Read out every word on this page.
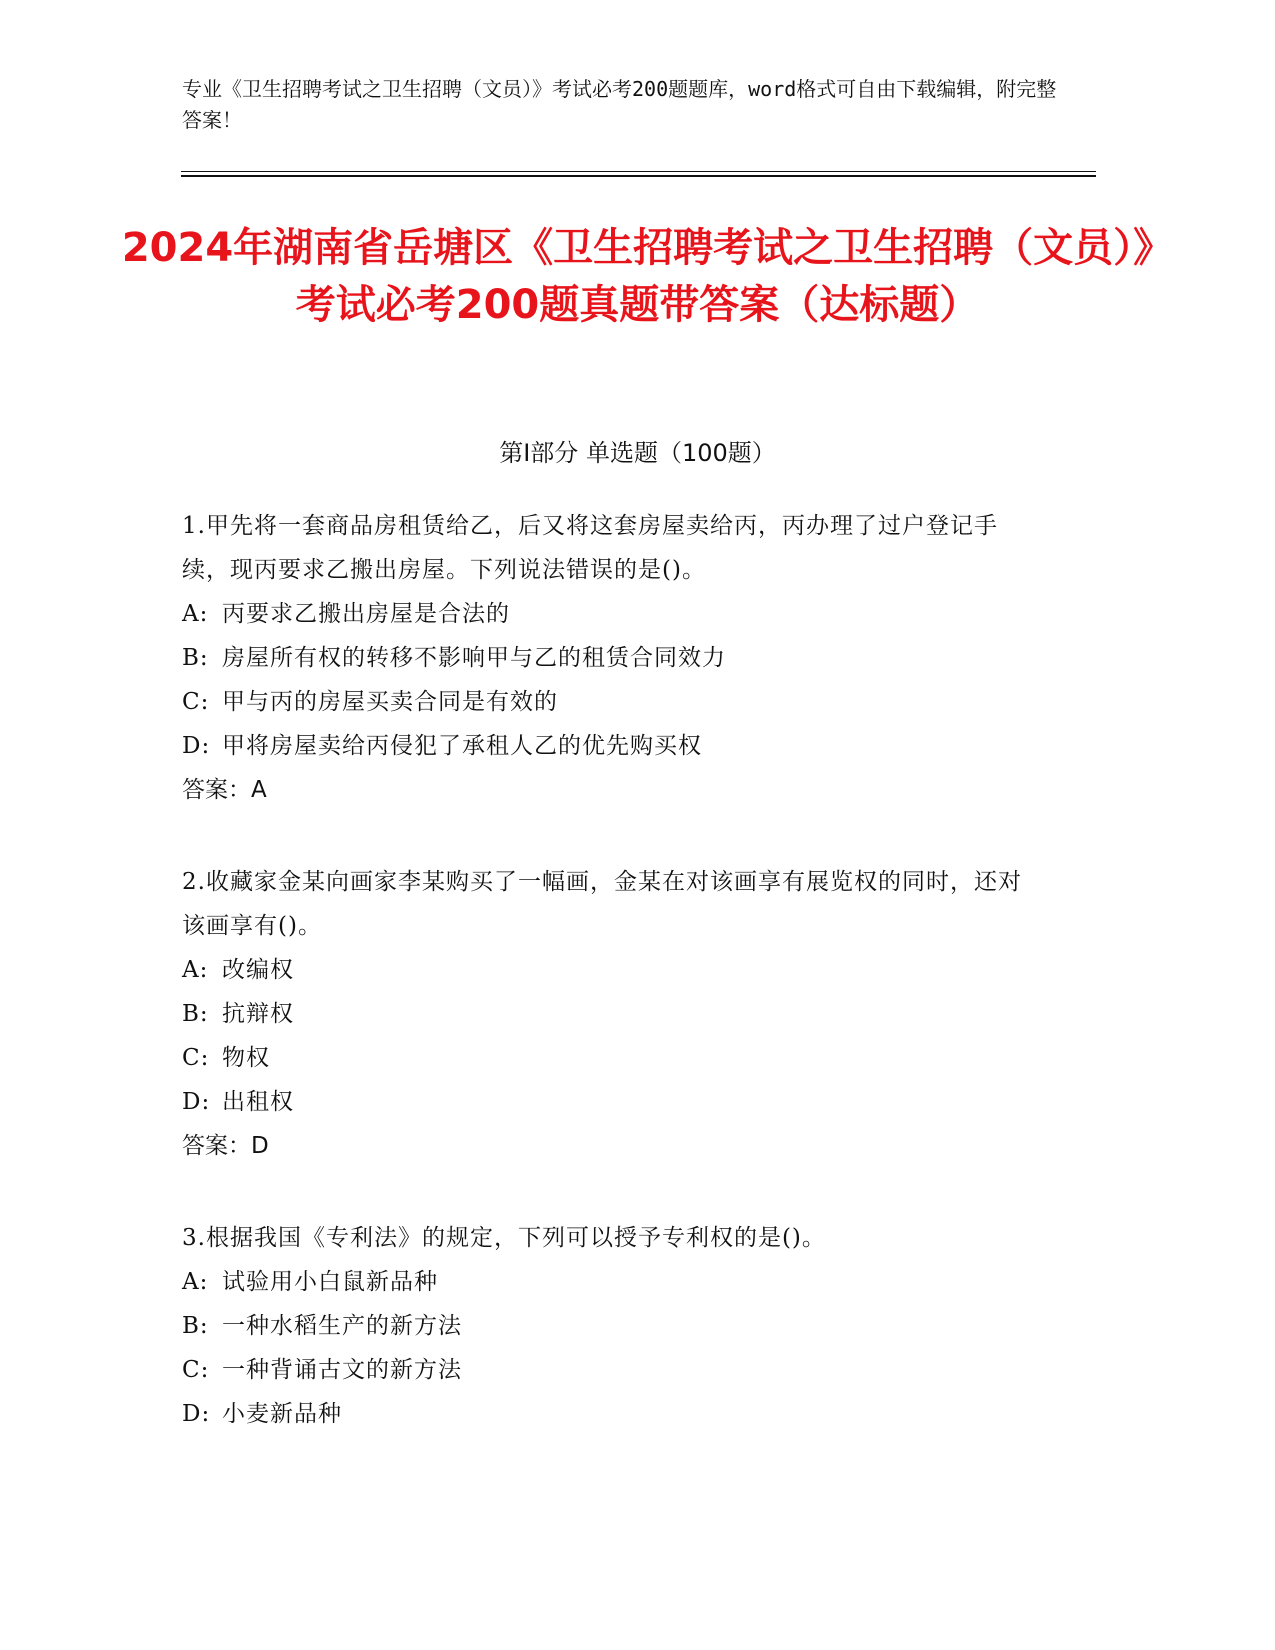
专业《卫生招聘考试之卫生招聘（文员）》考试必考200题题库，word格式可自由下载编辑，附完整答案！
2024年湖南省岳塘区《卫生招聘考试之卫生招聘（文员）》考试必考200题真题带答案（达标题）
第Ⅰ部分 单选题（100题）
1.甲先将一套商品房租赁给乙，后又将这套房屋卖给丙，丙办理了过户登记手续，现丙要求乙搬出房屋。下列说法错误的是()。
A: 丙要求乙搬出房屋是合法的
B: 房屋所有权的转移不影响甲与乙的租赁合同效力
C: 甲与丙的房屋买卖合同是有效的
D: 甲将房屋卖给丙侵犯了承租人乙的优先购买权
答案：A
2.收藏家金某向画家李某购买了一幅画，金某在对该画享有展览权的同时，还对该画享有()。
A: 改编权
B: 抗辩权
C: 物权
D: 出租权
答案：D
3.根据我国《专利法》的规定，下列可以授予专利权的是()。
A: 试验用小白鼠新品种
B: 一种水稻生产的新方法
C: 一种背诵古文的新方法
D: 小麦新品种
